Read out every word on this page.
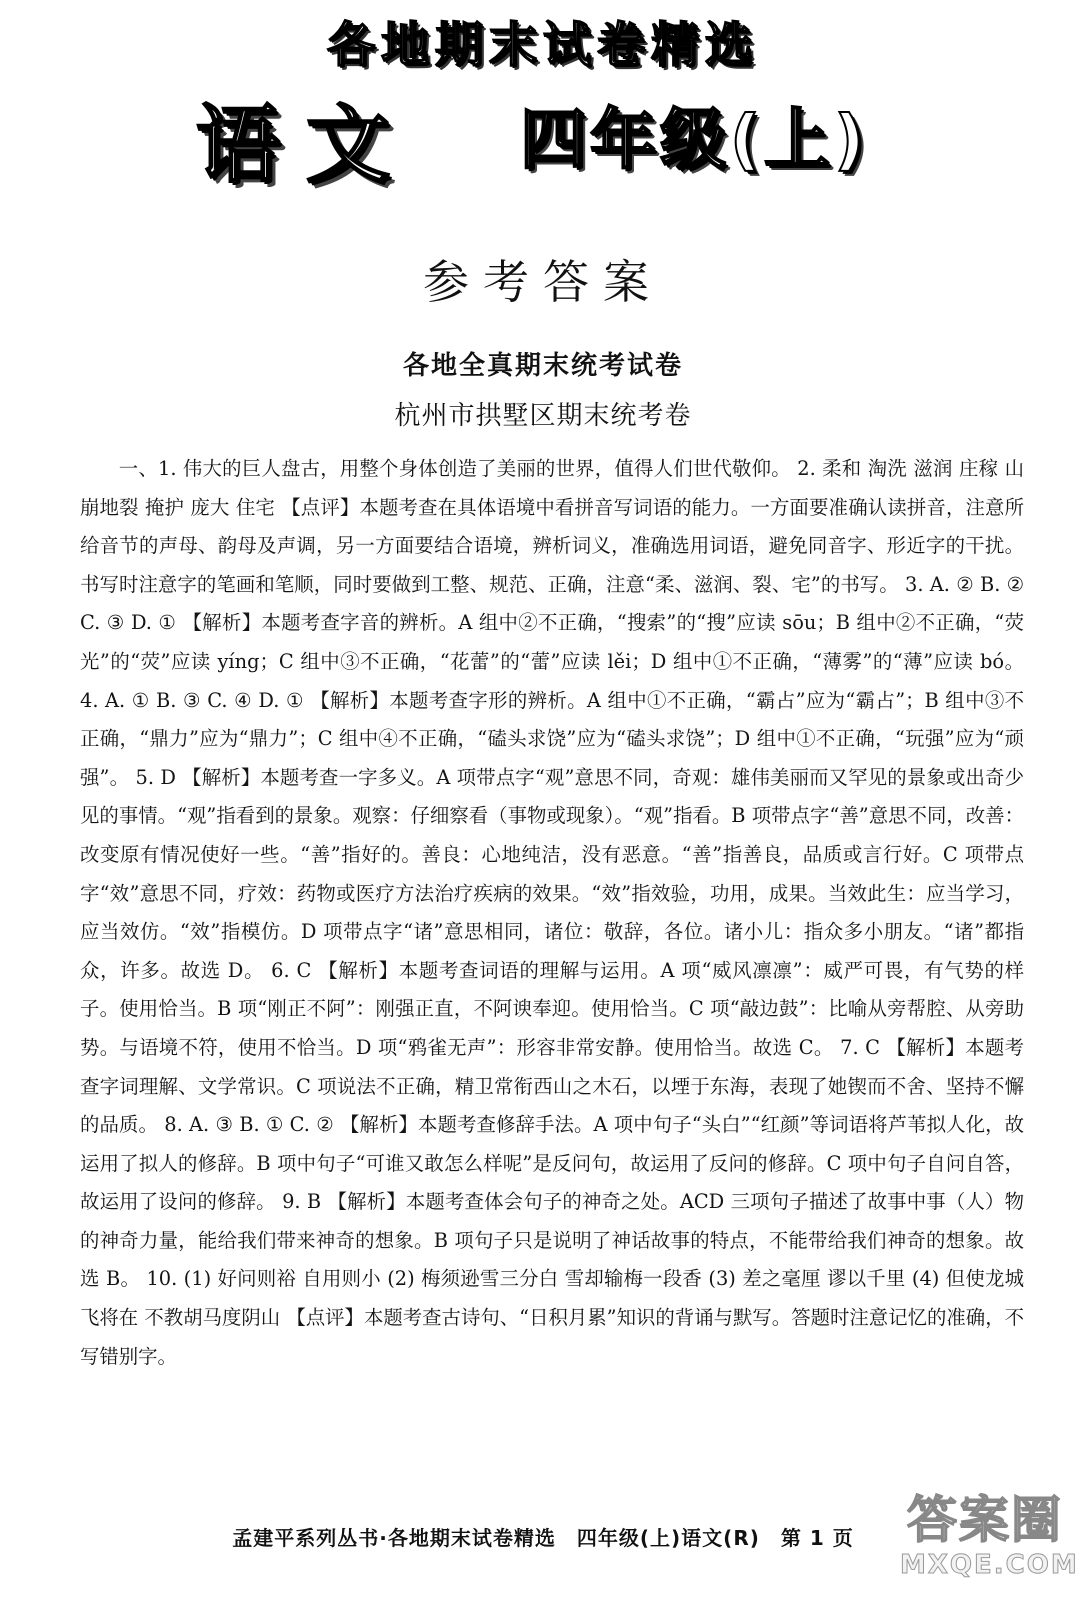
各地期末试卷精选
语文 四年级(上)
参考答案
各地全真期末统考试卷
杭州市拱墅区期末统考卷

一、1. 伟大的巨人盘古，用整个身体创造了美丽的世界，值得人们世代敬仰。 2. 柔和 淘洗 滋润 庄稼 山崩地裂 掩护 庞大 住宅 【点评】本题考查在具体语境中看拼音写词语的能力。一方面要准确认读拼音，注意所给音节的声母、韵母及声调，另一方面要结合语境，辨析词义，准确选用词语，避免同音字、形近字的干扰。书写时注意字的笔画和笔顺，同时要做到工整、规范、正确，注意“柔、滋润、裂、宅”的书写。 3. A. ② B. ② C. ③ D. ① 【解析】本题考查字音的辨析。A 组中②不正确，“搜索”的“搜”应读 sōu；B 组中②不正确，“荧光”的“荧”应读 yíng；C 组中③不正确，“花蕾”的“蕾”应读 lěi；D 组中①不正确，“薄雾”的“薄”应读 bó。 4. A. ① B. ③ C. ④ D. ① 【解析】本题考查字形的辨析。A 组中①不正确，“霸占”应为“霸占”；B 组中③不正确，“鼎力”应为“鼎力”；C 组中④不正确，“磕头求饶”应为“磕头求饶”；D 组中①不正确，“玩强”应为“顽强”。 5. D 【解析】本题考查一字多义。A 项带点字“观”意思不同，奇观：雄伟美丽而又罕见的景象或出奇少见的事情。“观”指看到的景象。观察：仔细察看（事物或现象）。“观”指看。B 项带点字“善”意思不同，改善：改变原有情况使好一些。“善”指好的。善良：心地纯洁，没有恶意。“善”指善良，品质或言行好。C 项带点字“效”意思不同，疗效：药物或医疗方法治疗疾病的效果。“效”指效验，功用，成果。当效此生：应当学习，应当效仿。“效”指模仿。D 项带点字“诸”意思相同，诸位：敬辞，各位。诸小儿：指众多小朋友。“诸”都指众，许多。故选 D。 6. C 【解析】本题考查词语的理解与运用。A 项“威风凛凛”：威严可畏，有气势的样子。使用恰当。B 项“刚正不阿”：刚强正直，不阿谀奉迎。使用恰当。C 项“敲边鼓”：比喻从旁帮腔、从旁助势。与语境不符，使用不恰当。D 项“鸦雀无声”：形容非常安静。使用恰当。故选 C。 7. C 【解析】本题考查字词理解、文学常识。C 项说法不正确，精卫常衔西山之木石，以堙于东海，表现了她锲而不舍、坚持不懈的品质。 8. A. ③ B. ① C. ② 【解析】本题考查修辞手法。A 项中句子“头白”“红颜”等词语将芦苇拟人化，故运用了拟人的修辞。B 项中句子“可谁又敢怎么样呢”是反问句，故运用了反问的修辞。C 项中句子自问自答，故运用了设问的修辞。 9. B 【解析】本题考查体会句子的神奇之处。ACD 三项句子描述了故事中事（人）物的神奇力量，能给我们带来神奇的想象。B 项句子只是说明了神话故事的特点，不能带给我们神奇的想象。故选 B。 10. (1) 好问则裕 自用则小 (2) 梅须逊雪三分白 雪却输梅一段香 (3) 差之毫厘 谬以千里 (4) 但使龙城飞将在 不教胡马度阴山 【点评】本题考查古诗句、“日积月累”知识的背诵与默写。答题时注意记忆的准确，不写错别字。

孟建平系列丛书·各地期末试卷精选　四年级(上)语文(R)　第 1 页	答案圈
MXQE.COM
